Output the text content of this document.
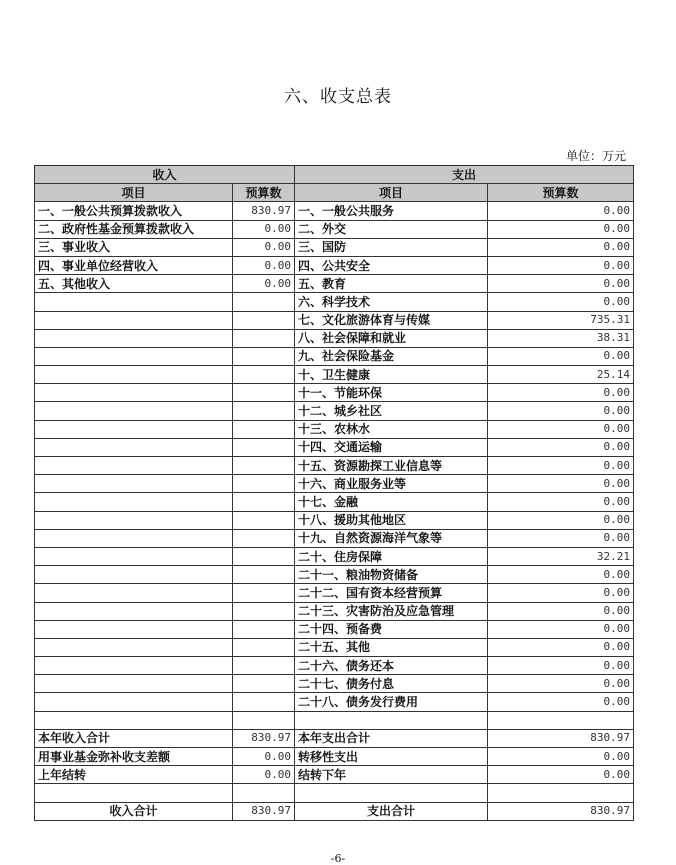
六、收支总表
单位：万元
收入		支出	
项目	预算数	项目	预算数
一、一般公共预算拨款收入	830.97	一、一般公共服务	0.00
二、政府性基金预算拨款收入	0.00	二、外交	0.00
三、事业收入	0.00	三、国防	0.00
四、事业单位经营收入	0.00	四、公共安全	0.00
五、其他收入	0.00	五、教育	0.00
		六、科学技术	0.00
		七、文化旅游体育与传媒	735.31
		八、社会保障和就业	38.31
		九、社会保险基金	0.00
		十、卫生健康	25.14
		十一、节能环保	0.00
		十二、城乡社区	0.00
		十三、农林水	0.00
		十四、交通运输	0.00
		十五、资源勘探工业信息等	0.00
		十六、商业服务业等	0.00
		十七、金融	0.00
		十八、援助其他地区	0.00
		十九、自然资源海洋气象等	0.00
		二十、住房保障	32.21
		二十一、粮油物资储备	0.00
		二十二、国有资本经营预算	0.00
		二十三、灾害防治及应急管理	0.00
		二十四、预备费	0.00
		二十五、其他	0.00
		二十六、债务还本	0.00
		二十七、债务付息	0.00
		二十八、债务发行费用	0.00

本年收入合计	830.97	本年支出合计	830.97
用事业基金弥补收支差额	0.00	转移性支出	0.00
上年结转	0.00	结转下年	0.00

收入合计	830.97	支出合计	830.97
-6-
